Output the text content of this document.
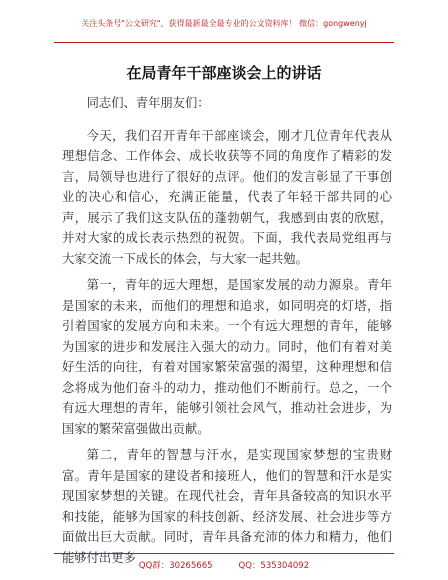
关注头条号"公文研究"，获得最新最全最专业的公文资料库！ 微信：gongwenyj
在局青年干部座谈会上的讲话

同志们、青年朋友们：

今天，我们召开青年干部座谈会，刚才几位青年代表从理想信念、工作体会、成长收获等不同的角度作了精彩的发言，局领导也进行了很好的点评。他们的发言彰显了干事创业的决心和信心，充满正能量，代表了年轻干部共同的心声，展示了我们这支队伍的蓬勃朝气，我感到由衷的欣慰，并对大家的成长表示热烈的祝贺。下面，我代表局党组再与大家交流一下成长的体会，与大家一起共勉。

第一，青年的远大理想，是国家发展的动力源泉。青年是国家的未来，而他们的理想和追求，如同明亮的灯塔，指引着国家的发展方向和未来。一个有远大理想的青年，能够为国家的进步和发展注入强大的动力。同时，他们有着对美好生活的向往，有着对国家繁荣富强的渴望，这种理想和信念将成为他们奋斗的动力，推动他们不断前行。总之，一个有远大理想的青年，能够引领社会风气，推动社会进步，为国家的繁荣富强做出贡献。

第二，青年的智慧与汗水，是实现国家梦想的宝贵财富。青年是国家的建设者和接班人，他们的智慧和汗水是实现国家梦想的关键。在现代社会，青年具备较高的知识水平和技能，能够为国家的科技创新、经济发展、社会进步等方面做出巨大贡献。同时，青年具备充沛的体力和精力，他们能够付出更多

QQ群：30265665	QQ：535304092
